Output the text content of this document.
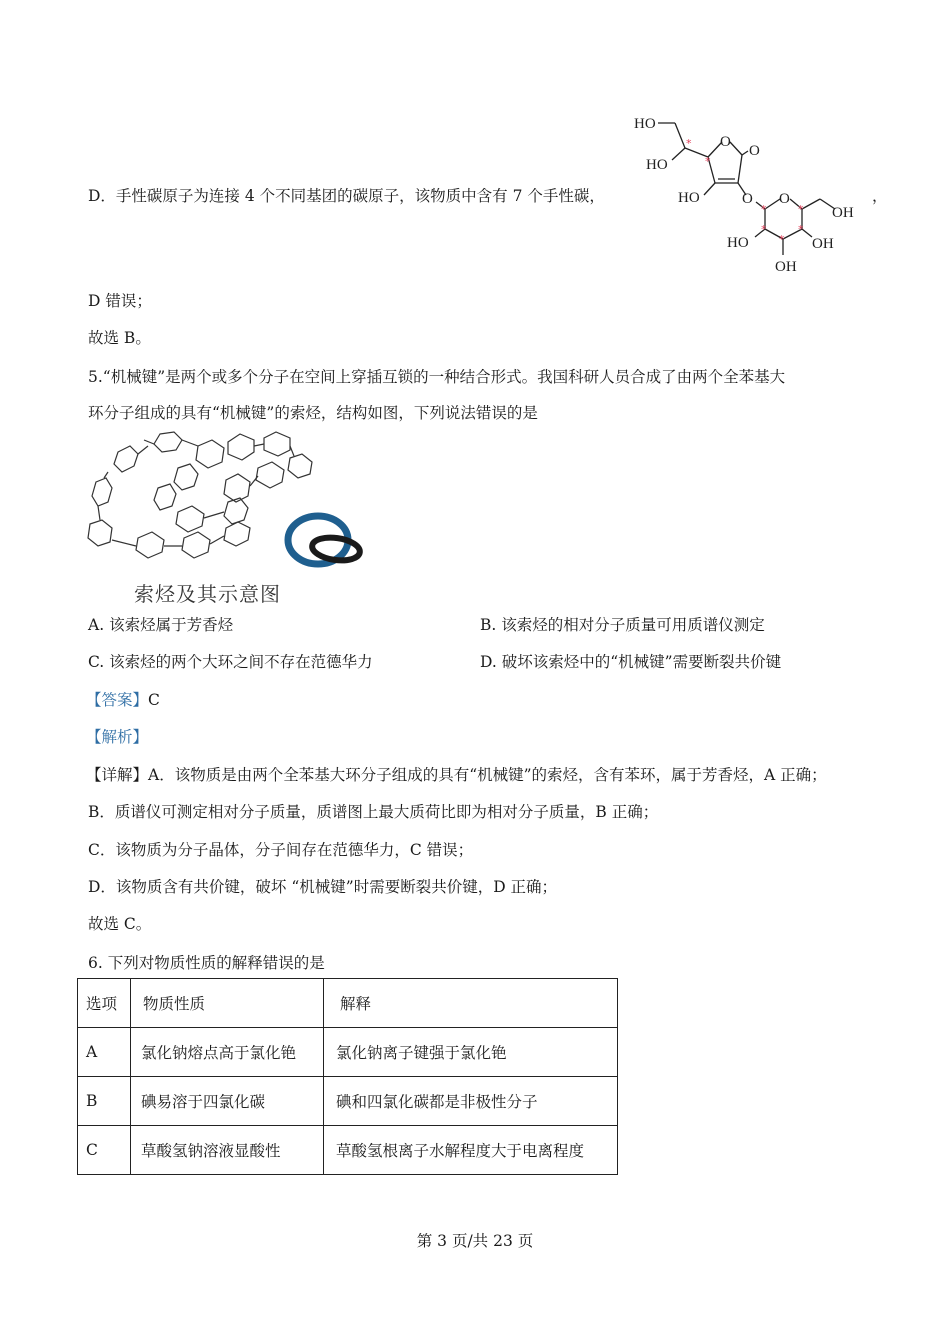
D．手性碳原子为连接 4 个不同基团的碳原子，该物质中含有 7 个手性碳，
HO
HO
O
O
HO	O O
OH
HO	OH
OH
*
*
*	*
*	*
*
，
D 错误；
故选 B。
5.“机械键”是两个或多个分子在空间上穿插互锁的一种结合形式。我国科研人员合成了由两个全苯基大
环分子组成的具有“机械键”的索烃，结构如图，下列说法错误的是
索烃及其示意图
A. 该索烃属于芳香烃	B. 该索烃的相对分子质量可用质谱仪测定
C. 该索烃的两个大环之间不存在范德华力	D. 破坏该索烃中的“机械键”需要断裂共价键
【答案】C
【解析】
【详解】A．该物质是由两个全苯基大环分子组成的具有“机械键”的索烃，含有苯环，属于芳香烃，A 正确；
B．质谱仪可测定相对分子质量，质谱图上最大质荷比即为相对分子质量，B 正确；
C．该物质为分子晶体，分子间存在范德华力，C 错误；
D．该物质含有共价键，破坏 “机械键”时需要断裂共价键，D 正确；
故选 C。
6. 下列对物质性质的解释错误的是
选项	物质性质	解释
A	氯化钠熔点高于氯化铯	氯化钠离子键强于氯化铯
B	碘易溶于四氯化碳	碘和四氯化碳都是非极性分子
C	草酸氢钠溶液显酸性	草酸氢根离子水解程度大于电离程度
第 3 页/共 23 页
